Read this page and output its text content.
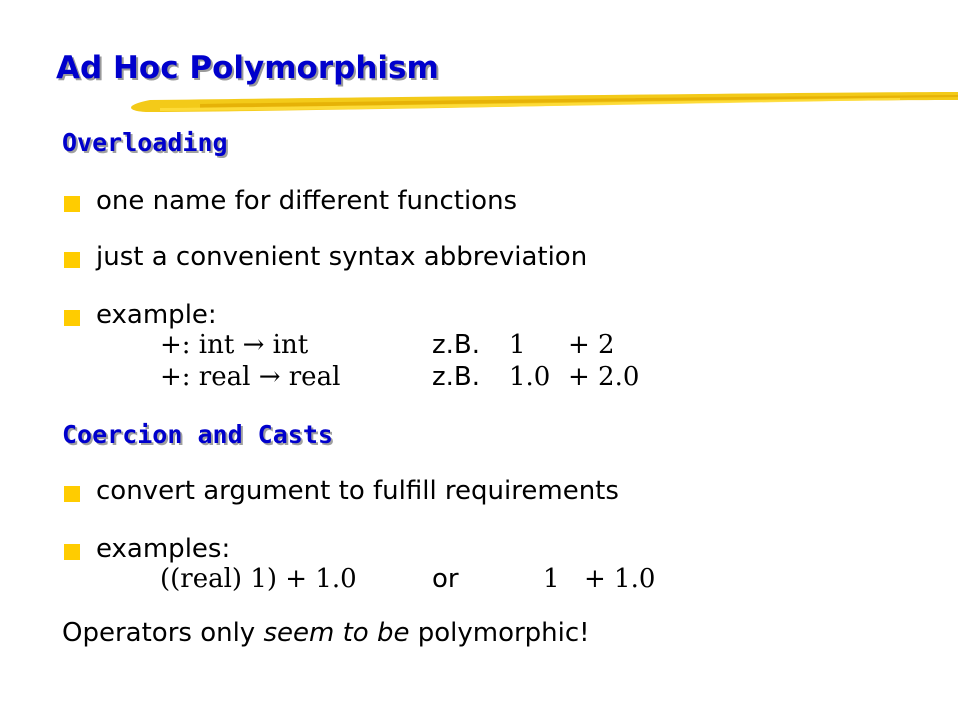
Ad Hoc Polymorphism
Overloading
one name for different functions
just a convenient syntax abbreviation
example:
+: int → int	z.B. 1 + 2
+: real → real	z.B. 1.0 + 2.0
Coercion and Casts
convert argument to fulfill requirements
examples:
((real) 1) + 1.0	or	1 + 1.0
Operators only seem to be polymorphic!
